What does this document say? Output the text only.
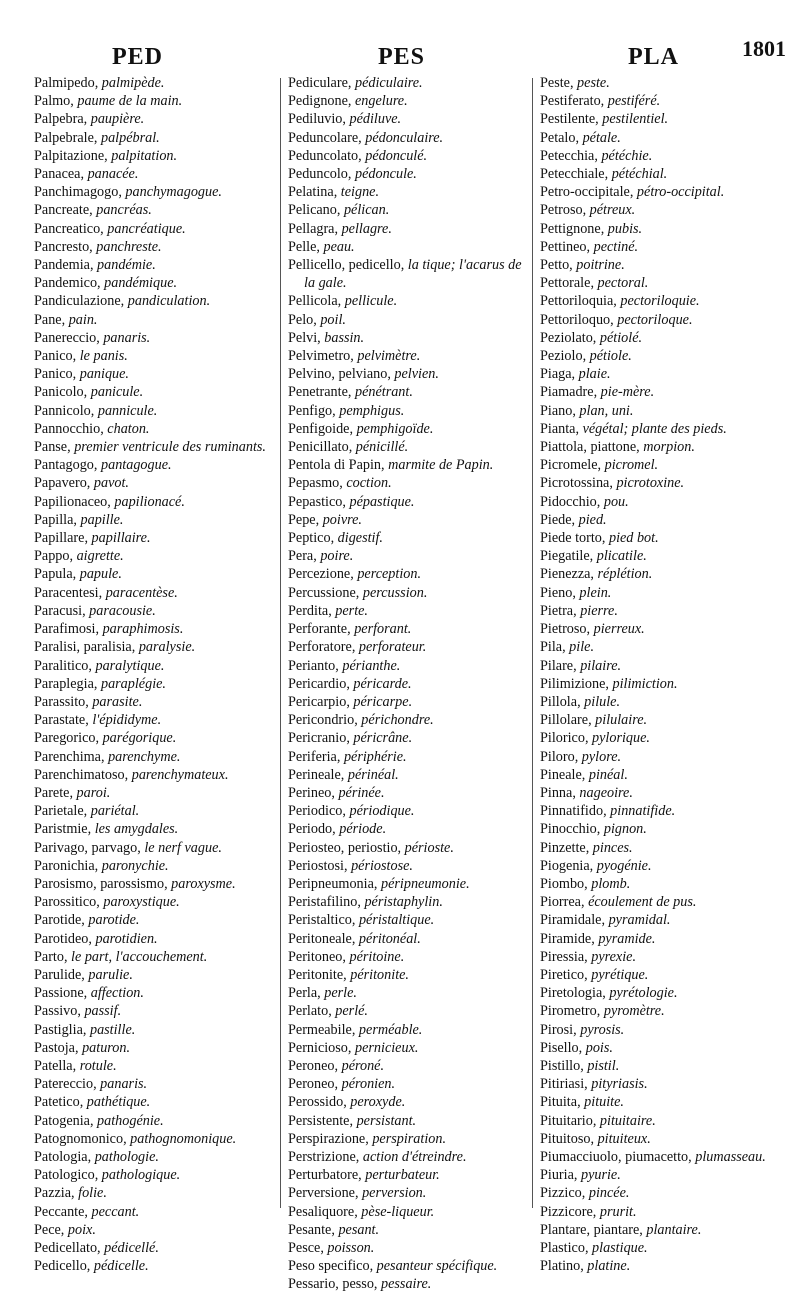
PED	PES	PLA	1801
Palmipedo, palmipède.
Palmo, paume de la main.
Palpebra, paupière.
Palpebrale, palpébral.
Palpitazione, palpitation.
Panacea, panacée.
Panchimagogo, panchymagogue.
Pancreate, pancréas.
Pancreatico, pancréatique.
Pancresto, panchreste.
Pandemia, pandémie.
Pandemico, pandémique.
Pandiculazione, pandiculation.
Pane, pain.
Panereccio, panaris.
Panico, le panis.
Panico, panique.
Panicolo, panicule.
Pannicolo, pannicule.
Pannocchio, chaton.
Panse, premier ventricule des ruminants.
Pantagogo, pantagogue.
Papavero, pavot.
Papilionaceo, papilionacé.
Papilla, papille.
Papillare, papillaire.
Pappo, aigrette.
Papula, papule.
Paracentesi, paracentèse.
Paracusi, paracousie.
Parafimosi, paraphimosis.
Paralisi, paralisia, paralysie.
Paralitico, paralytique.
Paraplegia, paraplégie.
Parassito, parasite.
Parastate, l'épididyme.
Paregorico, parégorique.
Parenchima, parenchyme.
Parenchimatoso, parenchymateux.
Parete, paroi.
Parietale, pariétal.
Paristmie, les amygdales.
Parivago, parvago, le nerf vague.
Paronichia, paronychie.
Parosismo, parossismo, paroxysme.
Parossitico, paroxystique.
Parotide, parotide.
Parotideo, parotidien.
Parto, le part, l'accouchement.
Parulide, parulie.
Passione, affection.
Passivo, passif.
Pastiglia, pastille.
Pastoja, paturon.
Patella, rotule.
Patereccio, panaris.
Patetico, pathétique.
Patogenia, pathogénie.
Patognomonico, pathognomonique.
Patologia, pathologie.
Patologico, pathologique.
Pazzia, folie.
Peccante, peccant.
Pece, poix.
Pedicellato, pédicellé.
Pedicello, pédicelle.
Pediculare, pédiculaire.
Pedignone, engelure.
Pediluvio, pédiluve.
Peduncolare, pédonculaire.
Peduncolato, pédonculé.
Peduncolo, pédoncule.
Pelatina, teigne.
Pelicano, pélican.
Pellagra, pellagre.
Pelle, peau.
Pellicello, pedicello, la tique; l'acarus de la gale.
Pellicola, pellicule.
Pelo, poil.
Pelvi, bassin.
Pelvimetro, pelvimètre.
Pelvino, pelviano, pelvien.
Penetrante, pénétrant.
Penfigo, pemphigus.
Penfigoide, pemphigoïde.
Penicillato, pénicillé.
Pentola di Papin, marmite de Papin.
Pepasmo, coction.
Pepastico, pépastique.
Pepe, poivre.
Peptico, digestif.
Pera, poire.
Percezione, perception.
Percussione, percussion.
Perdita, perte.
Perforante, perforant.
Perforatore, perforateur.
Perianto, périanthe.
Pericardio, péricarde.
Pericarpio, péricarpe.
Pericondrio, périchondre.
Pericranio, péricrâne.
Periferia, périphérie.
Perineale, périnéal.
Perineo, périnée.
Periodico, périodique.
Periodo, période.
Periosteo, periostio, périoste.
Periostosi, périostose.
Peripneumonia, péripneumonie.
Peristafilino, péristaphylin.
Peristaltico, péristaltique.
Peritoneale, péritonéal.
Peritoneo, péritoine.
Peritonite, péritonite.
Perla, perle.
Perlato, perlé.
Permeabile, perméable.
Pernicioso, pernicieux.
Peroneo, péroné.
Peroneo, péronien.
Perossido, peroxyde.
Persistente, persistant.
Perspirazione, perspiration.
Perstrizione, action d'étreindre.
Perturbatore, perturbateur.
Perversione, perversion.
Pesaliquore, pèse-liqueur.
Pesante, pesant.
Pesce, poisson.
Peso specifico, pesanteur spécifique.
Pessario, pesso, pessaire.
Peste, peste.
Pestiferato, pestiféré.
Pestilente, pestilentiel.
Petalo, pétale.
Petecchia, pétéchie.
Petecchiale, pétéchial.
Petro-occipitale, pétro-occipital.
Petroso, pétreux.
Pettignone, pubis.
Pettineo, pectiné.
Petto, poitrine.
Pettorale, pectoral.
Pettoriloquia, pectoriloquie.
Pettoriloquo, pectoriloque.
Peziolato, pétiolé.
Peziolo, pétiole.
Piaga, plaie.
Piamadre, pie-mère.
Piano, plan, uni.
Pianta, végétal; plante des pieds.
Piattola, piattone, morpion.
Picromele, picromel.
Picrotossina, picrotoxine.
Pidocchio, pou.
Piede, pied.
Piede torto, pied bot.
Piegatile, plicatile.
Pienezza, réplétion.
Pieno, plein.
Pietra, pierre.
Pietroso, pierreux.
Pila, pile.
Pilare, pilaire.
Pilimizione, pilimiction.
Pillola, pilule.
Pillolare, pilulaire.
Pilorico, pylorique.
Piloro, pylore.
Pineale, pinéal.
Pinna, nageoire.
Pinnatifido, pinnatifide.
Pinocchio, pignon.
Pinzette, pinces.
Piogenia, pyogénie.
Piombo, plomb.
Piorrea, écoulement de pus.
Piramidale, pyramidal.
Piramide, pyramide.
Piressia, pyrexie.
Piretico, pyrétique.
Piretologia, pyrétologie.
Pirometro, pyromètre.
Pirosi, pyrosis.
Pisello, pois.
Pistillo, pistil.
Pitiriasi, pityriasis.
Pituita, pituite.
Pituitario, pituitaire.
Pituitoso, pituiteux.
Piumacciuolo, piumacetto, plumasseau.
Piuria, pyurie.
Pizzico, pincée.
Pizzicore, prurit.
Plantare, piantare, plantaire.
Plastico, plastique.
Platino, platine.
